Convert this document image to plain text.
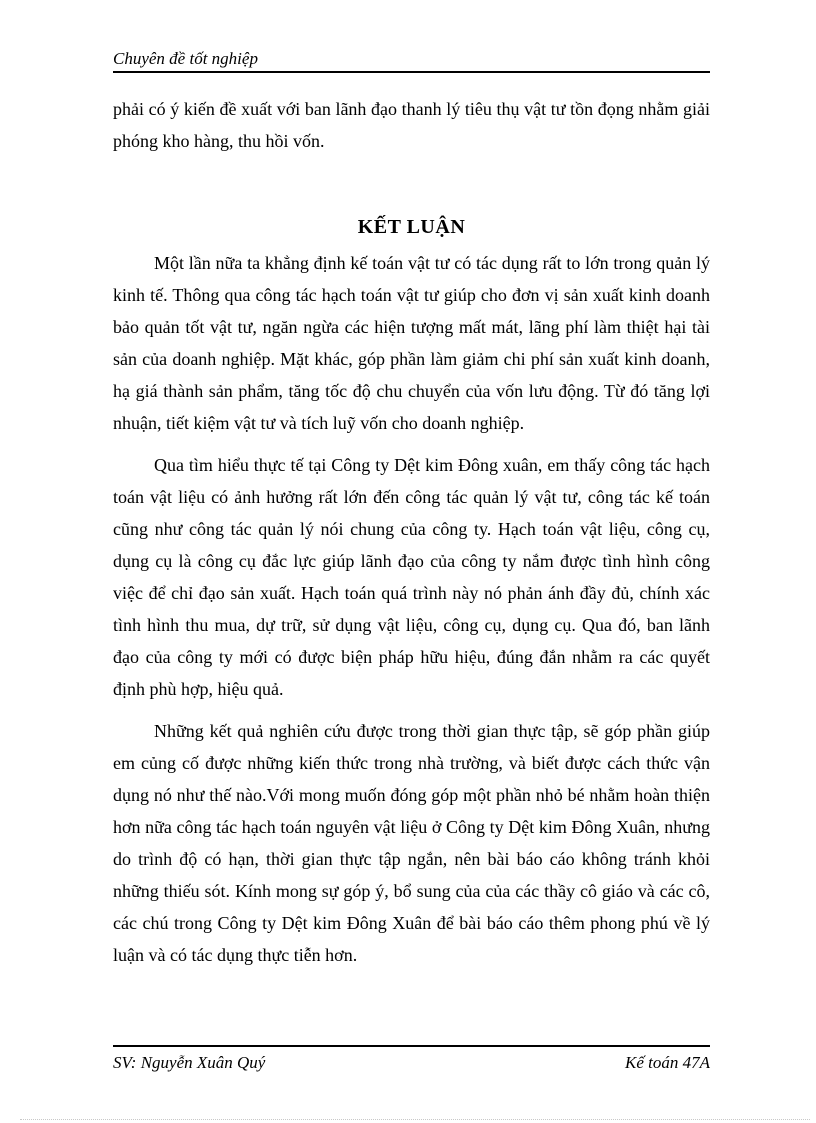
Chuyên đề tốt nghiệp

phải có ý kiến đề xuất với ban lãnh đạo thanh lý tiêu thụ vật tư tồn đọng nhằm giải phóng kho hàng, thu hồi vốn.

KẾT LUẬN

Một lần nữa ta khẳng định kế toán vật tư có tác dụng rất to lớn trong quản lý kinh tế. Thông qua công tác hạch toán vật tư giúp cho đơn vị sản xuất kinh doanh bảo quản tốt vật tư, ngăn ngừa các hiện tượng mất mát, lãng phí làm thiệt hại tài sản của doanh nghiệp. Mặt khác, góp phần làm giảm chi phí sản xuất kinh doanh, hạ giá thành sản phẩm, tăng tốc độ chu chuyển của vốn lưu động. Từ đó tăng lợi nhuận, tiết kiệm vật tư và tích luỹ vốn cho doanh nghiệp.

Qua tìm hiểu thực tế tại Công ty Dệt kim Đông xuân, em thấy công tác hạch toán vật liệu có ảnh hưởng rất lớn đến công tác quản lý vật tư, công tác kế toán cũng như công tác quản lý nói chung của công ty. Hạch toán vật liệu, công cụ, dụng cụ là công cụ đắc lực giúp lãnh đạo của công ty nắm được tình hình công việc để chỉ đạo sản xuất. Hạch toán quá trình này nó phản ánh đầy đủ, chính xác tình hình thu mua, dự trữ, sử dụng vật liệu, công cụ, dụng cụ. Qua đó, ban lãnh đạo của công ty mới có được biện pháp hữu hiệu, đúng đắn nhằm ra các quyết định phù hợp, hiệu quả.

Những kết quả nghiên cứu được trong thời gian thực tập, sẽ góp phần giúp em củng cố được những kiến thức trong nhà trường, và biết được cách thức vận dụng nó như thế nào.Với mong muốn đóng góp một phần nhỏ bé nhằm hoàn thiện hơn nữa công tác hạch toán nguyên vật liệu ở Công ty Dệt kim Đông Xuân, nhưng do trình độ có hạn, thời gian thực tập ngắn, nên bài báo cáo không tránh khỏi những thiếu sót. Kính mong sự góp ý, bổ sung của của các thầy cô giáo và các cô, các chú trong Công ty Dệt kim Đông Xuân để bài báo cáo thêm phong phú về lý luận và có tác dụng thực tiễn hơn.

SV: Nguyễn Xuân Quý	Kế toán 47A
